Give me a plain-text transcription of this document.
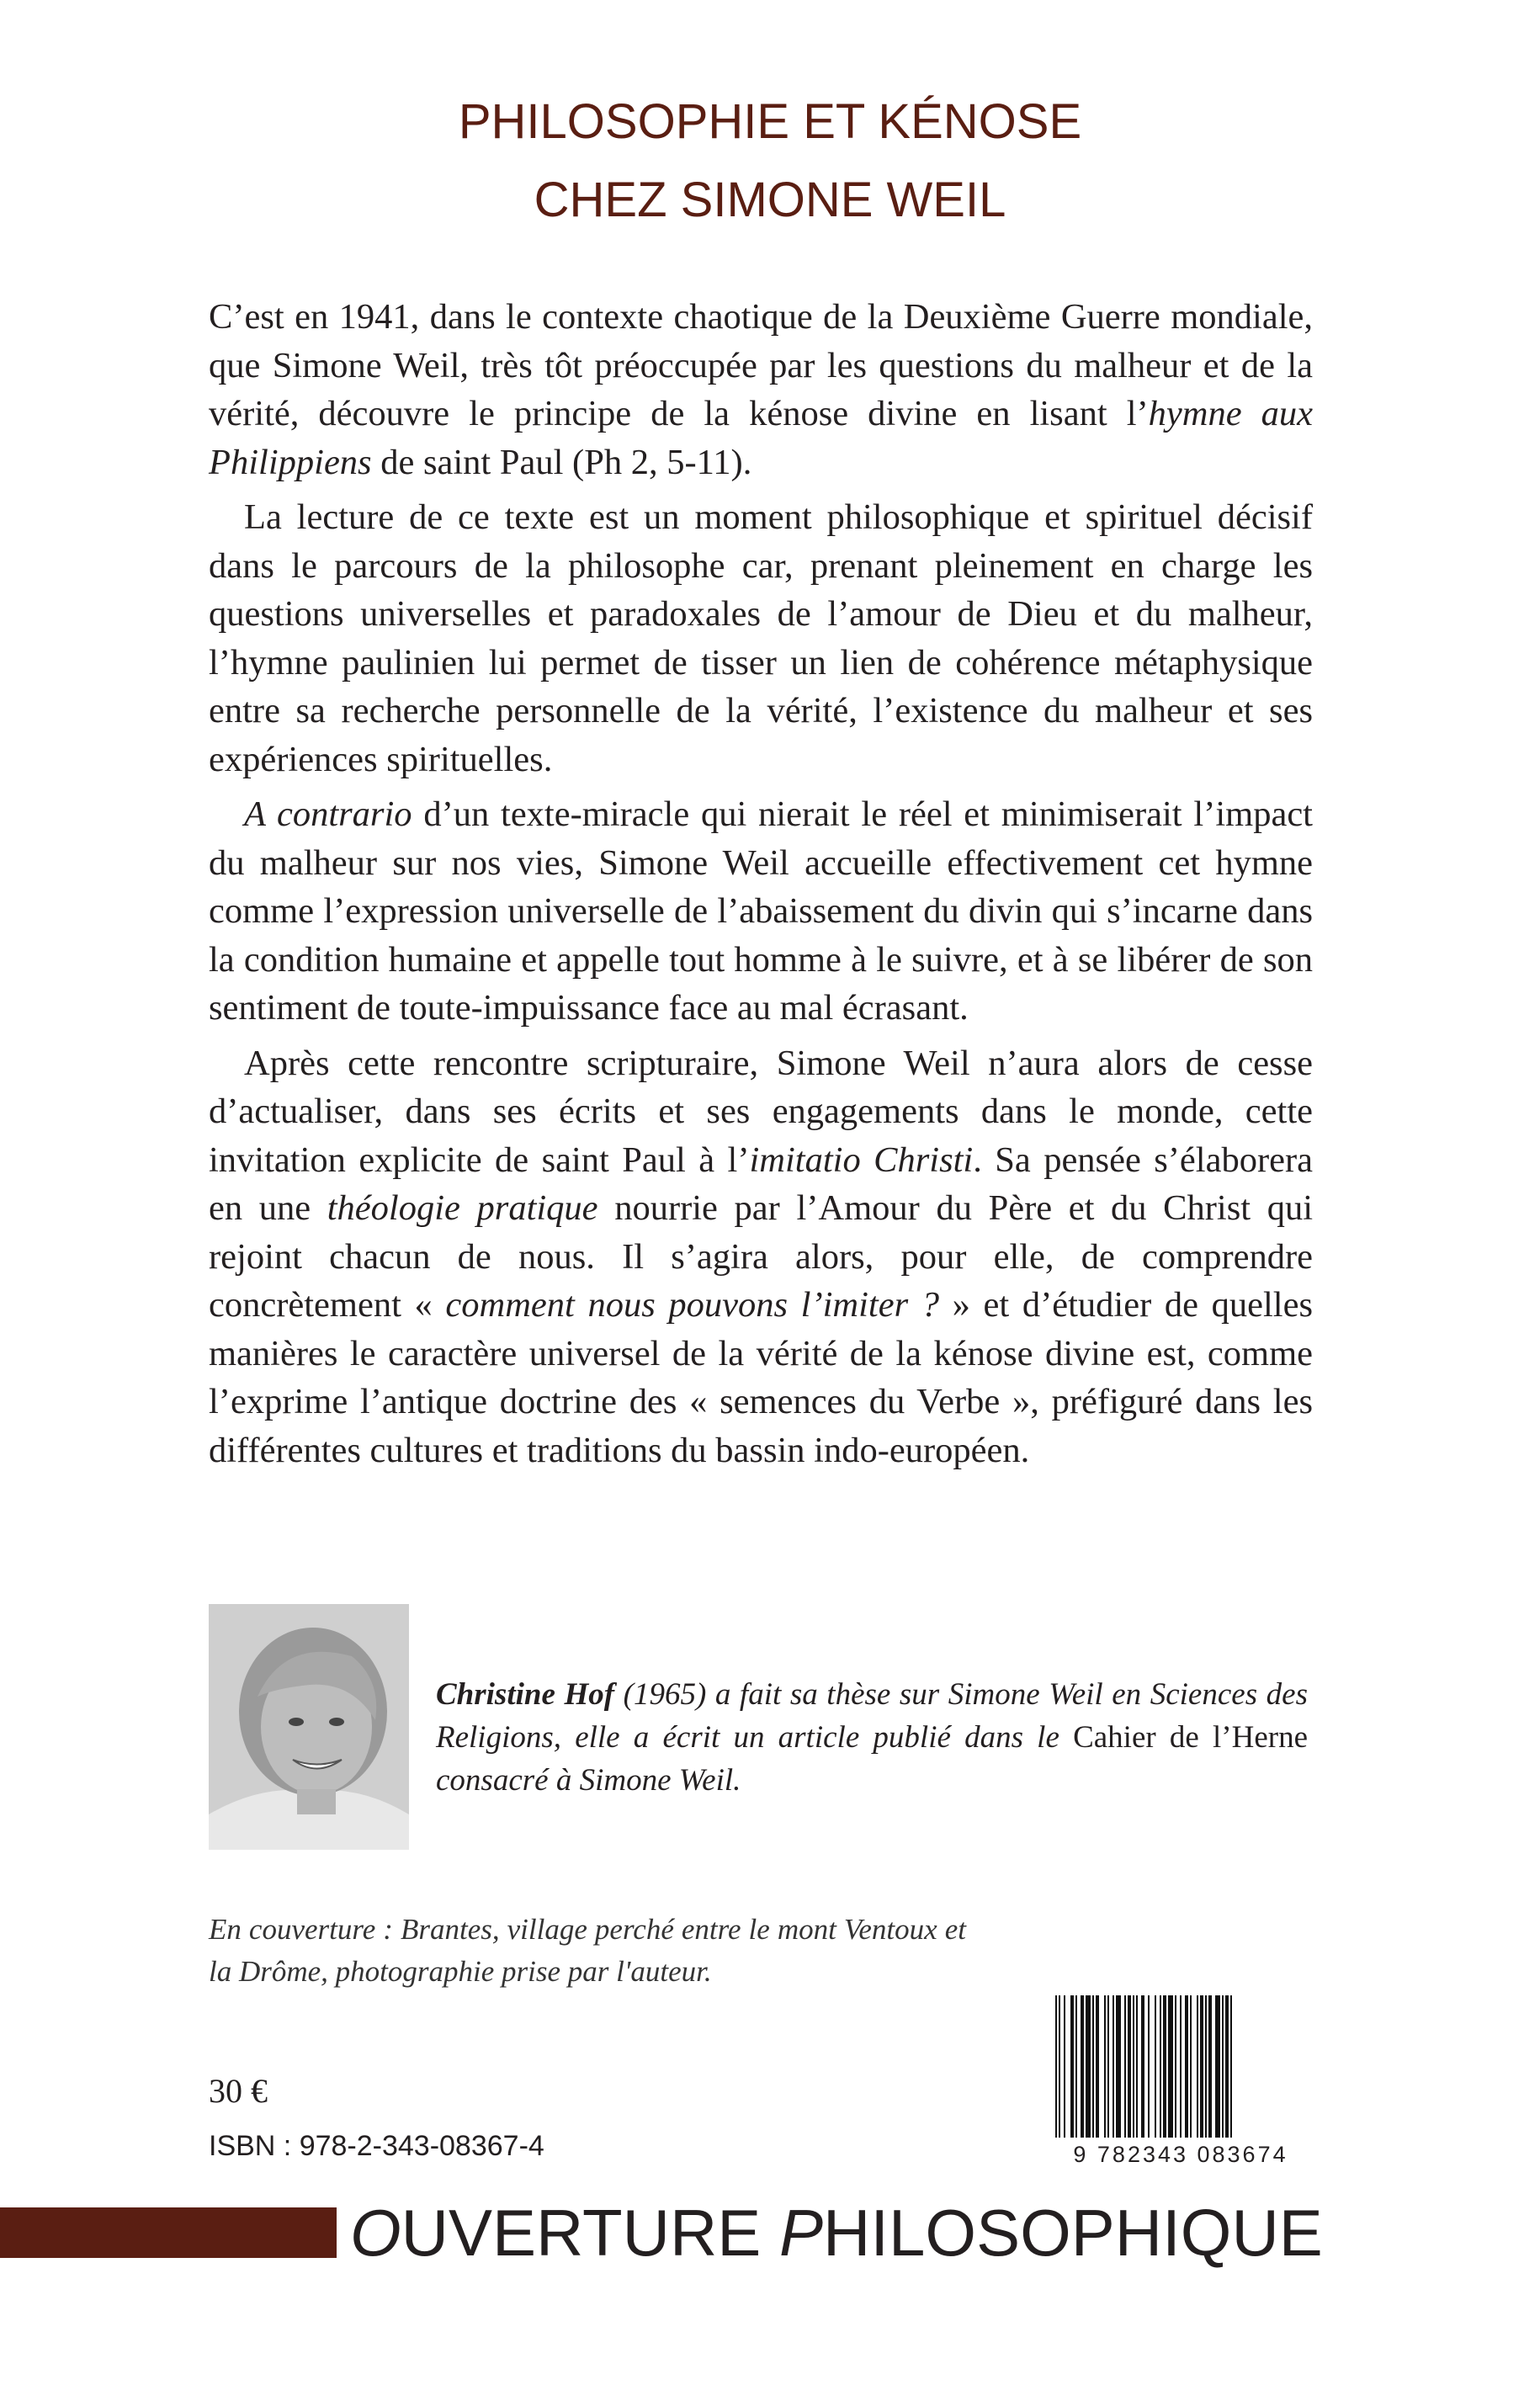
PHILOSOPHIE ET KÉNOSE
CHEZ SIMONE WEIL

C’est en 1941, dans le contexte chaotique de la Deuxième Guerre mondiale, que Simone Weil, très tôt préoccupée par les questions du malheur et de la vérité, découvre le principe de la kénose divine en lisant l’hymne aux Philippiens de saint Paul (Ph 2, 5-11).

La lecture de ce texte est un moment philosophique et spirituel décisif dans le parcours de la philosophe car, prenant pleinement en charge les questions universelles et paradoxales de l’amour de Dieu et du malheur, l’hymne paulinien lui permet de tisser un lien de cohérence métaphysique entre sa recherche personnelle de la vérité, l’existence du malheur et ses expériences spirituelles.

A contrario d’un texte-miracle qui nierait le réel et minimiserait l’impact du malheur sur nos vies, Simone Weil accueille effectivement cet hymne comme l’expression universelle de l’abaissement du divin qui s’incarne dans la condition humaine et appelle tout homme à le suivre, et à se libérer de son sentiment de toute-impuissance face au mal écrasant.

Après cette rencontre scripturaire, Simone Weil n’aura alors de cesse d’actualiser, dans ses écrits et ses engagements dans le monde, cette invitation explicite de saint Paul à l’imitatio Christi. Sa pensée s’élaborera en une théologie pratique nourrie par l’Amour du Père et du Christ qui rejoint chacun de nous. Il s’agira alors, pour elle, de comprendre concrètement « comment nous pouvons l’imiter ? » et d’étudier de quelles manières le caractère universel de la vérité de la kénose divine est, comme l’exprime l’antique doctrine des « semences du Verbe », préfiguré dans les différentes cultures et traditions du bassin indo-européen.

Christine Hof (1965) a fait sa thèse sur Simone Weil en Sciences des Religions, elle a écrit un article publié dans le Cahier de l’Herne consacré à Simone Weil.
En couverture : Brantes, village perché entre le mont Ventoux et la Drôme, photographie prise par l'auteur.
30 €
ISBN : 978-2-343-08367-4	9 782343 083674
OUVERTURE PHILOSOPHIQUE
